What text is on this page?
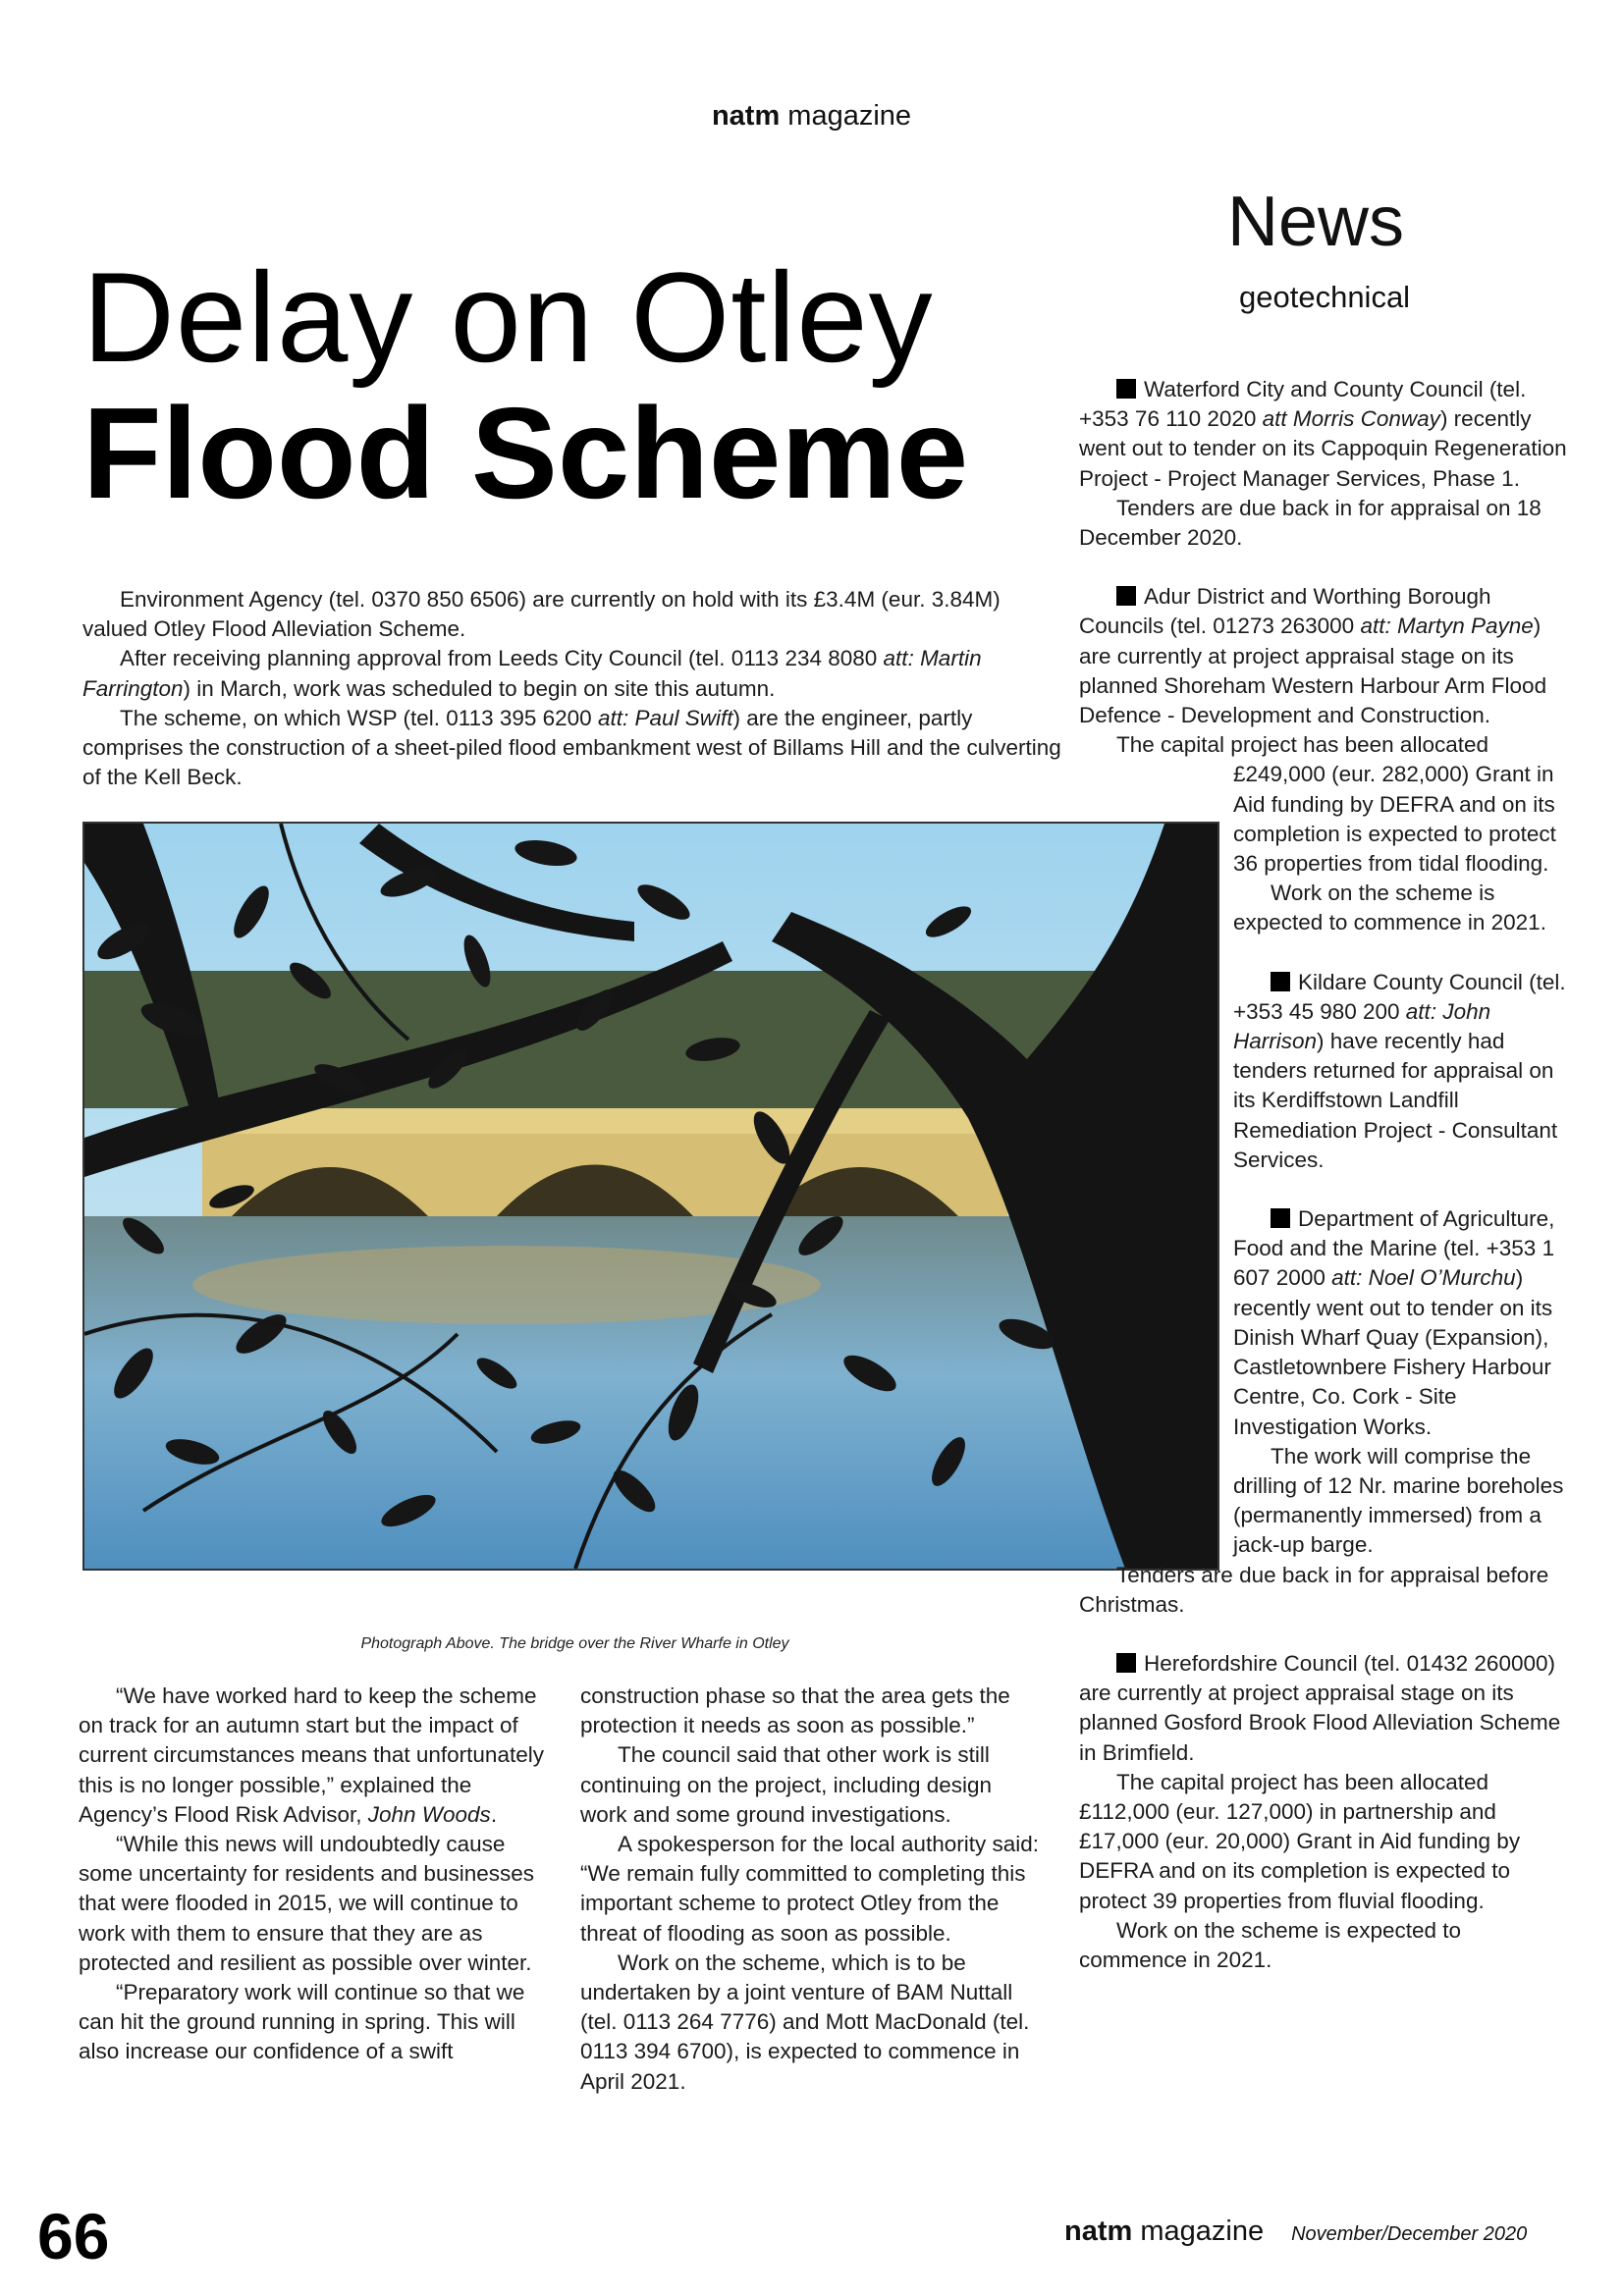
natm magazine
News
geotechnical
Delay on Otley
Flood Scheme

Environment Agency (tel. 0370 850 6506) are currently on hold with its £3.4M (eur. 3.84M) valued Otley Flood Alleviation Scheme.

After receiving planning approval from Leeds City Council (tel. 0113 234 8080 att: Martin Farrington) in March, work was scheduled to begin on site this autumn.

The scheme, on which WSP (tel. 0113 395 6200 att: Paul Swift) are the engineer, partly comprises the construction of a sheet-piled flood embankment west of Billams Hill and the culverting of the Kell Beck.

Photograph Above. The bridge over the River Wharfe in Otley

“We have worked hard to keep the scheme on track for an autumn start but the impact of current circumstances means that unfortunately this is no longer possible,” explained the Agency’s Flood Risk Advisor, John Woods.

“While this news will undoubtedly cause some uncertainty for residents and businesses that were flooded in 2015, we will continue to work with them to ensure that they are as protected and resilient as possible over winter.

“Preparatory work will continue so that we can hit the ground running in spring. This will also increase our confidence of a swift

construction phase so that the area gets the protection it needs as soon as possible.”

The council said that other work is still continuing on the project, including design work and some ground investigations.

A spokesperson for the local authority said: “We remain fully committed to completing this important scheme to protect Otley from the threat of flooding as soon as possible.

Work on the scheme, which is to be undertaken by a joint venture of BAM Nuttall (tel. 0113 264 7776) and Mott MacDonald (tel. 0113 394 6700), is expected to commence in April 2021.

Waterford City and County Council (tel. +353 76 110 2020 att Morris Conway) recently went out to tender on its Cappoquin Regeneration Project - Project Manager Services, Phase 1.

Tenders are due back in for appraisal on 18 December 2020.

Adur District and Worthing Borough Councils (tel. 01273 263000 att: Martyn Payne) are currently at project appraisal stage on its planned Shoreham Western Harbour Arm Flood Defence - Development and Construction.

The capital project has been allocated

£249,000 (eur. 282,000) Grant in Aid funding by DEFRA and on its completion is expected to protect 36 properties from tidal flooding.

Work on the scheme is expected to commence in 2021.

Kildare County Council (tel. +353 45 980 200 att: John Harrison) have recently had tenders returned for appraisal on its Kerdiffstown Landfill Remediation Project - Consultant Services.

Department of Agriculture, Food and the Marine (tel. +353 1 607 2000 att: Noel O’Murchu) recently went out to tender on its Dinish Wharf Quay (Expansion), Castletownbere Fishery Harbour Centre, Co. Cork - Site Investigation Works.

The work will comprise the drilling of 12 Nr. marine boreholes (permanently immersed) from a jack-up barge.

Tenders are due back in for appraisal before Christmas.

Herefordshire Council (tel. 01432 260000) are currently at project appraisal stage on its planned Gosford Brook Flood Alleviation Scheme in Brimfield.

The capital project has been allocated £112,000 (eur. 127,000) in partnership and £17,000 (eur. 20,000) Grant in Aid funding by DEFRA and on its completion is expected to protect 39 properties from fluvial flooding.

Work on the scheme is expected to commence in 2021.

66	natm magazine November/December 2020
